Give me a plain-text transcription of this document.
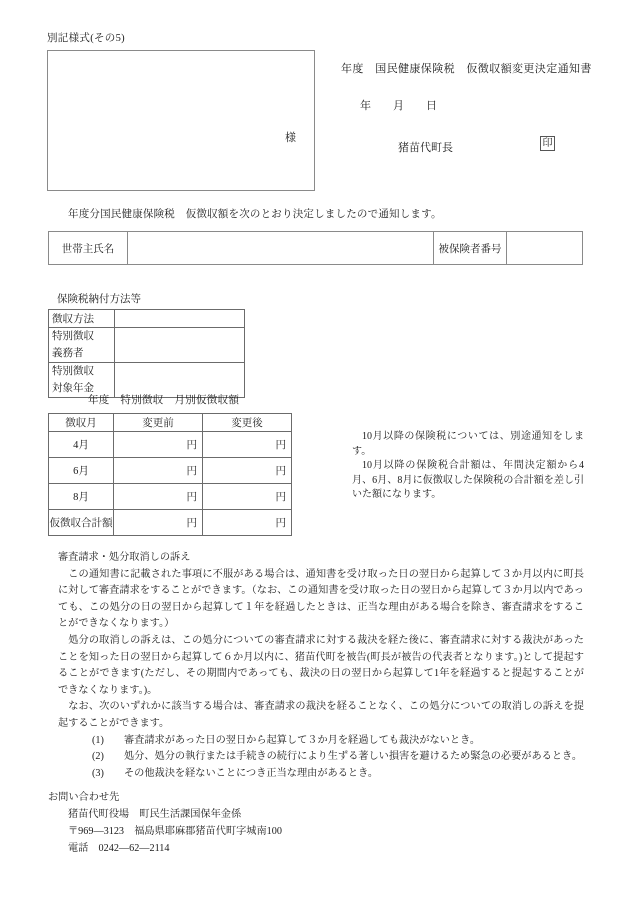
別記様式(その5)
様
年度　国民健康保険税　仮徴収額変更決定通知書
年　　月　　日
猪苗代町長	印
年度分国民健康保険税　仮徴収額を次のとおり決定しましたので通知します。
世帯主氏名		被保険者番号	
保険税納付方法等
徴収方法	

特別徴収
義務者	

特別徴収
対象年金	

年度　特別徴収　月別仮徴収額
徴収月	変更前	変更後
4月	円	円
6月	円	円
8月	円	円
仮徴収合計額	円	円

10月以降の保険税については、別途通知をします。

10月以降の保険税合計額は、年間決定額から4月、6月、8月に仮徴収した保険税の合計額を差し引いた額になります。

審査請求・処分取消しの訴え

この通知書に記載された事項に不服がある場合は、通知書を受け取った日の翌日から起算して３か月以内に町長に対して審査請求をすることができます。（なお、この通知書を受け取った日の翌日から起算して３か月以内であっても、この処分の日の翌日から起算して１年を経過したときは、正当な理由がある場合を除き、審査請求をすることができなくなります。）

処分の取消しの訴えは、この処分についての審査請求に対する裁決を経た後に、審査請求に対する裁決があったことを知った日の翌日から起算して６か月以内に、猪苗代町を被告(町長が被告の代表者となります。)として提起することができます(ただし、その期間内であっても、裁決の日の翌日から起算して1年を経過すると提起することができなくなります。)。

なお、次のいずれかに該当する場合は、審査請求の裁決を経ることなく、この処分についての取消しの訴えを提起することができます。

(1) 審査請求があった日の翌日から起算して３か月を経過しても裁決がないとき。
(2) 処分、処分の執行または手続きの続行により生ずる著しい損害を避けるため緊急の必要があるとき。
(3) その他裁決を経ないことにつき正当な理由があるとき。

お問い合わせ先

猪苗代町役場　町民生活課国保年金係

〒969―3123　福島県耶麻郡猪苗代町字城南100

電話　0242―62―2114
